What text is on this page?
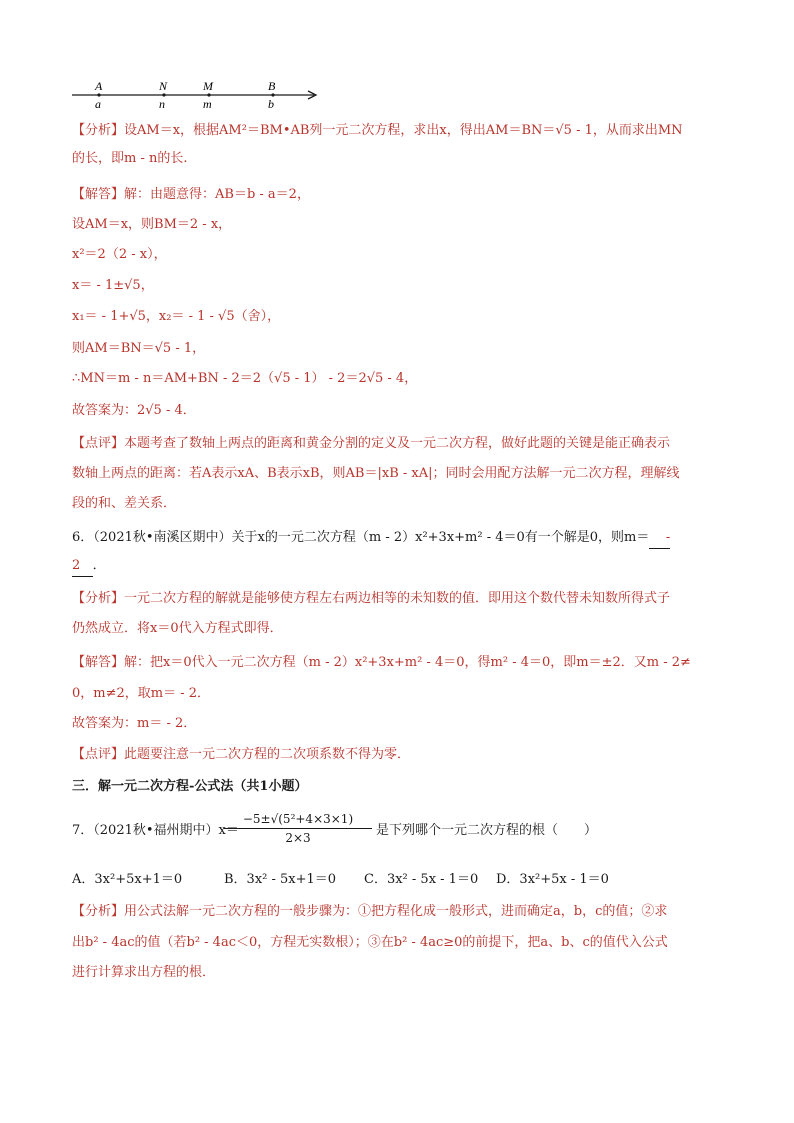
A	N	M	B
a	n	m	b
【分析】设AM＝x，根据AM²＝BM•AB列一元二次方程，求出x，得出AM＝BN＝√5 - 1，从而求出MN
的长，即m - n的长.
【解答】解：由题意得：AB＝b - a＝2，
设AM＝x，则BM＝2 - x，
x²＝2（2 - x），
x＝ - 1±√5，
x₁＝ - 1+√5，x₂＝ - 1 - √5（舍），
则AM＝BN＝√5 - 1，
∴MN＝m - n＝AM+BN - 2＝2（√5 - 1） - 2＝2√5 - 4，
故答案为：2√5 - 4．
【点评】本题考查了数轴上两点的距离和黄金分割的定义及一元二次方程，做好此题的关键是能正确表示
数轴上两点的距离：若A表示xA、B表示xB，则AB＝|xB - xA|；同时会用配方法解一元二次方程，理解线
段的和、差关系．
6．（2021秋•南溪区期中）关于x的一元二次方程（m - 2）x²+3x+m² - 4＝0有一个解是0，则m＝    -
2   ．
【分析】一元二次方程的解就是能够使方程左右两边相等的未知数的值．即用这个数代替未知数所得式子
仍然成立．将x＝0代入方程式即得．
【解答】解：把x＝0代入一元二次方程（m - 2）x²+3x+m² - 4＝0，得m² - 4＝0，即m＝±2．又m - 2≠
0，m≠2，取m＝ - 2．
故答案为：m＝ - 2．
【点评】此题要注意一元二次方程的二次项系数不得为零．
三．解一元二次方程-公式法（共1小题）
7．（2021秋•福州期中）x＝
−5±√(5²+4×3×1)
2×3	是下列哪个一元二次方程的根（　　）
A．3x²+5x+1＝0	B．3x² - 5x+1＝0 C．3x² - 5x - 1＝0 D．3x²+5x - 1＝0
【分析】用公式法解一元二次方程的一般步骤为：①把方程化成一般形式，进而确定a，b，c的值；②求
出b² - 4ac的值（若b² - 4ac＜0，方程无实数根）；③在b² - 4ac≥0的前提下，把a、b、c的值代入公式
进行计算求出方程的根．
